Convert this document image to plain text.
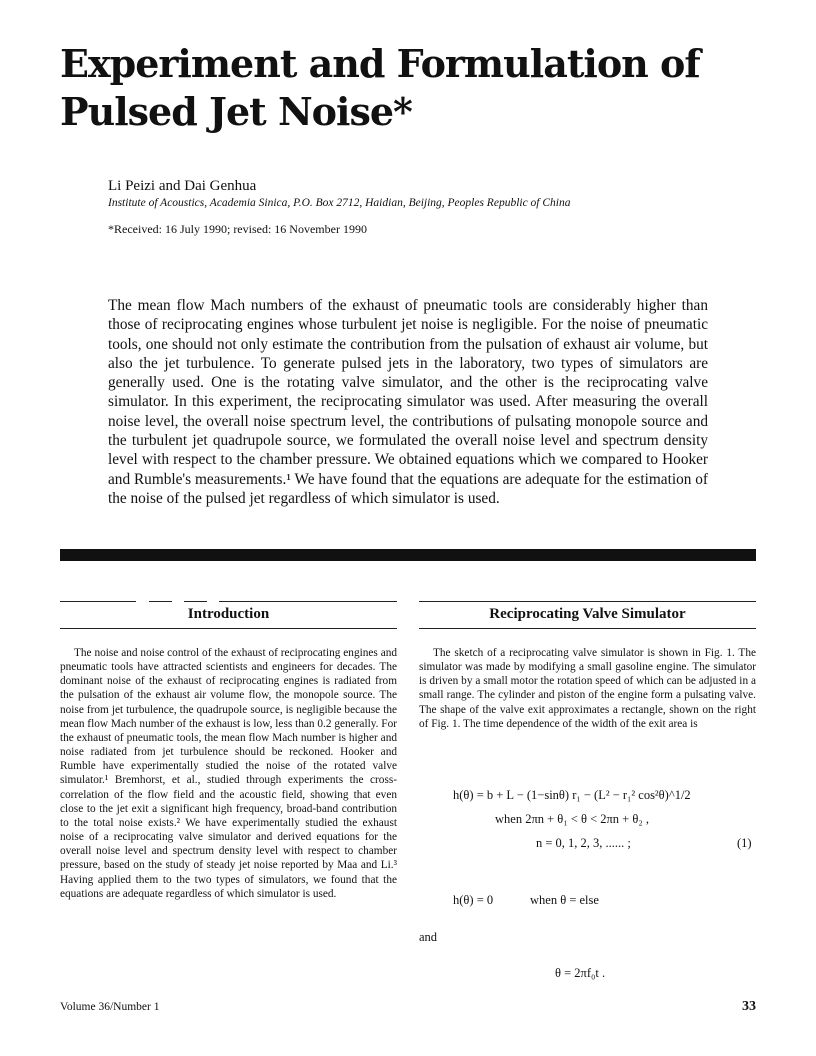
Experiment and Formulation of Pulsed Jet Noise*
Li Peizi and Dai Genhua
Institute of Acoustics, Academia Sinica, P.O. Box 2712, Haidian, Beijing, Peoples Republic of China
*Received: 16 July 1990; revised: 16 November 1990

The mean flow Mach numbers of the exhaust of pneumatic tools are considerably higher than those of reciprocating engines whose turbulent jet noise is negligible. For the noise of pneumatic tools, one should not only estimate the contribution from the pulsation of exhaust air volume, but also the jet turbulence. To generate pulsed jets in the laboratory, two types of simulators are generally used. One is the rotating valve simulator, and the other is the reciprocating valve simulator. In this experiment, the reciprocating simulator was used. After measuring the overall noise level, the overall noise spectrum level, the contributions of pulsating monopole source and the turbulent jet quadrupole source, we formulated the overall noise level and spectrum density level with respect to the chamber pressure. We obtained equations which we compared to Hooker and Rumble's measurements.¹ We have found that the equations are adequate for the estimation of the noise of the pulsed jet regardless of which simulator is used.

Introduction

The noise and noise control of the exhaust of reciprocating engines and pneumatic tools have attracted scientists and engineers for decades. The dominant noise of the exhaust of reciprocating engines is radiated from the pulsation of the exhaust air volume flow, the monopole source. The noise from jet turbulence, the quadrupole source, is negligible because the mean flow Mach number of the exhaust is low, less than 0.2 generally. For the exhaust of pneumatic tools, the mean flow Mach number is higher and noise radiated from jet turbulence should be reckoned. Hooker and Rumble have experimentally studied the noise of the rotated valve simulator.¹ Bremhorst, et al., studied through experiments the cross-correlation of the flow field and the acoustic field, showing that even close to the jet exit a significant high frequency, broad-band contribution to the total noise exists.² We have experimentally studied the exhaust noise of a reciprocating valve simulator and derived equations for the overall noise level and spectrum density level with respect to chamber pressure, based on the study of steady jet noise reported by Maa and Li.³ Having applied them to the two types of simulators, we found that the equations are adequate regardless of which simulator is used.

Reciprocating Valve Simulator

The sketch of a reciprocating valve simulator is shown in Fig. 1. The simulator was made by modifying a small gasoline engine. The simulator is driven by a small motor the rotation speed of which can be adjusted in a small range. The cylinder and piston of the engine form a pulsating valve. The shape of the valve exit approximates a rectangle, shown on the right of Fig. 1. The time dependence of the width of the exit area is

h(θ) = b + L − (1−sinθ) r₁ − (L² − r₁² cos²θ)^1/2
when 2πn + θ₁ < θ < 2πn + θ₂ ,
n = 0, 1, 2, 3, ...... ;	(1)
h(θ) = 0	when θ = else
and
θ = 2πf₀t .
Volume 36/Number 1	33
